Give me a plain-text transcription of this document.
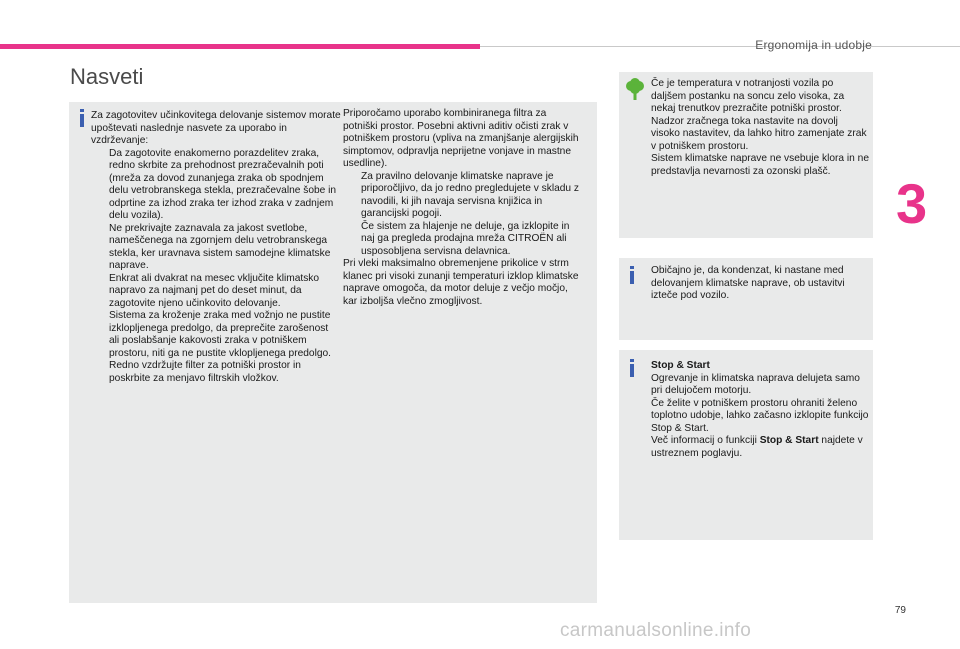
Ergonomija in udobje
3
Nasveti
Za zagotovitev učinkovitega delovanje sistemov morate upoštevati naslednje nasvete za uporabo in vzdrževanje:
Da zagotovite enakomerno porazdelitev zraka, redno skrbite za prehodnost prezračevalnih poti (mreža za dovod zunanjega zraka ob spodnjem delu vetrobranskega stekla, prezračevalne šobe in odprtine za izhod zraka ter izhod zraka v zadnjem delu vozila).
Ne prekrivajte zaznavala za jakost svetlobe, nameščenega na zgornjem delu vetrobranskega stekla, ker uravnava sistem samodejne klimatske naprave.
Enkrat ali dvakrat na mesec vključite klimatsko napravo za najmanj pet do deset minut, da zagotovite njeno učinkovito delovanje.
Sistema za kroženje zraka med vožnjo ne pustite izklopljenega predolgo, da preprečite zarošenost ali poslabšanje kakovosti zraka v potniškem prostoru, niti ga ne pustite vklopljenega predolgo.
Redno vzdržujte filter za potniški prostor in poskrbite za menjavo filtrskih vložkov.
Priporočamo uporabo kombiniranega filtra za potniški prostor. Posebni aktivni aditiv očisti zrak v potniškem prostoru (vpliva na zmanjšanje alergijskih simptomov, odpravlja neprijetne vonjave in mastne usedline).
Za pravilno delovanje klimatske naprave je priporočljivo, da jo redno pregledujete v skladu z navodili, ki jih navaja servisna knjižica in garancijski pogoji.
Če sistem za hlajenje ne deluje, ga izklopite in naj ga pregleda prodajna mreža CITROËN ali usposobljena servisna delavnica.
Pri vleki maksimalno obremenjene prikolice v strm klanec pri visoki zunanji temperaturi izklop klimatske naprave omogoča, da motor deluje z večjo močjo, kar izboljša vlečno zmogljivost.
Če je temperatura v notranjosti vozila po daljšem postanku na soncu zelo visoka, za nekaj trenutkov prezračite potniški prostor.
Nadzor zračnega toka nastavite na dovolj visoko nastavitev, da lahko hitro zamenjate zrak v potniškem prostoru.
Sistem klimatske naprave ne vsebuje klora in ne predstavlja nevarnosti za ozonski plašč.
Običajno je, da kondenzat, ki nastane med delovanjem klimatske naprave, ob ustavitvi izteče pod vozilo.
Stop & Start
Ogrevanje in klimatska naprava delujeta samo pri delujočem motorju.
Če želite v potniškem prostoru ohraniti želeno toplotno udobje, lahko začasno izklopite funkcijo Stop & Start.
Več informacij o funkciji Stop & Start najdete v ustreznem poglavju.
79
carmanualsonline.info
